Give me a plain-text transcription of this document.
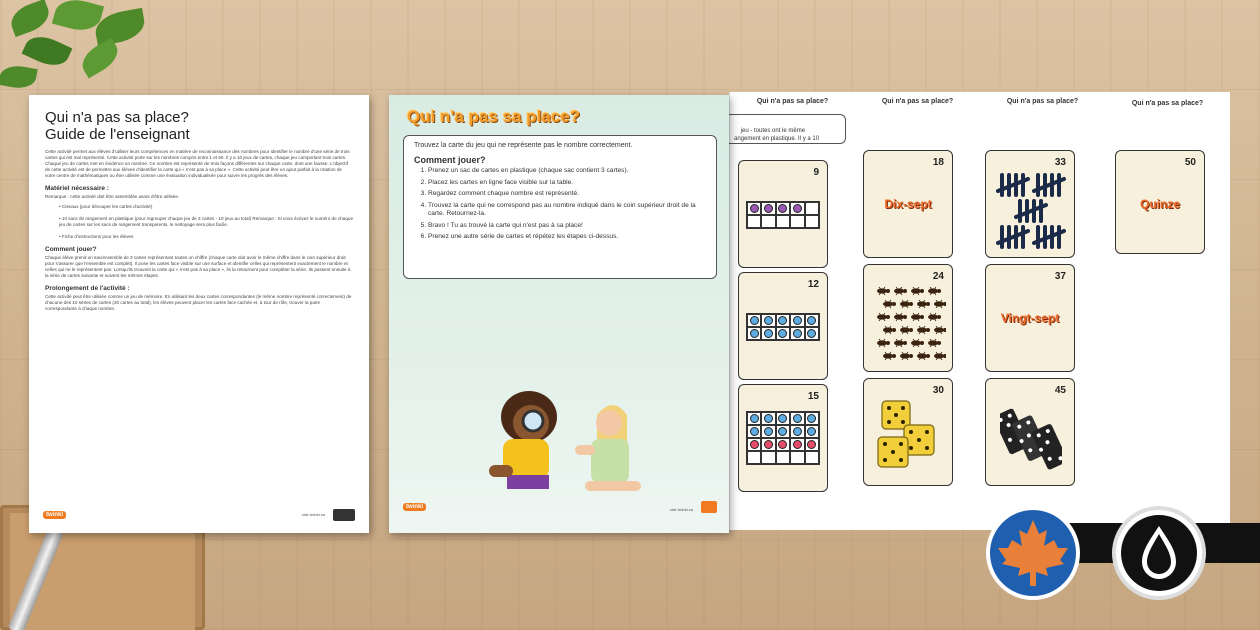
Qui n'a pas sa place?
Guide de l'enseignant
Cette activité permet aux élèves d'utiliser leurs compétences en matière de reconnaissance des nombres pour identifier le nombre d'une série de trois cartes qui est mal représenté. Cette activité porte sur les nombres compris entre 1 et 50. Il y a 10 jeux de cartes, chaque jeu comportant trois cartes. Chaque jeu de cartes met en évidence un nombre. Ce nombre est représenté de trois façons différentes sur chaque carte, dont une fausse. L'objectif de cette activité est de permettre aux élèves d'identifier la carte qui « n'est pas à sa place ». Cette activité peut être un ajout parfait à la rotation de votre centre de mathématiques ou être utilisée comme une évaluation individualisée pour suivre les progrès des élèves.
Matériel nécessaire :
Remarque : cette activité doit être assemblée avant d'être utilisée.
• Ciseaux (pour découper les cartes d'activité)
• 10 sacs de rangement en plastique (pour regrouper chaque jeu de 3 cartes - 10 jeux au total) Remarque : Si vous écrivez le numéro de chaque jeu de cartes sur les sacs de rangement transparents, le nettoyage sera plus facile.
• Fiche d'instructions pour les élèves
Comment jouer?
Chaque élève prend un sac/ensemble de 3 cartes représentant toutes un chiffre (chaque carte doit avoir le même chiffre dans le coin supérieur droit pour s'assurer que l'ensemble est complet). Il pose les cartes face visible sur une surface et identifie celles qui représentent exactement le nombre et celles qui ne le représentent pas. Lorsqu'ils trouvent la carte qui « n'est pas à sa place », ils la retournent pour compléter la série. Ils passent ensuite à la série de cartes suivante et suivent les mêmes étapes.
Prolongement de l'activité :
Cette activité peut être utilisée comme un jeu de mémoire. En utilisant les deux cartes correspondantes (le même nombre représenté correctement) de chacune des 10 séries de cartes (20 cartes au total), les élèves peuvent placer les cartes face cachée et, à tour de rôle, trouver la paire correspondante à chaque nombre.
twinkl	visit twinkl.ca
Qui n'a pas sa place?
50
Quinze
Qui n'a pas sa place?
33
37
Vingt-sept
45
Qui n'a pas sa place?
18
Dix-sept
24
30
Qui n'a pas sa place?

jeu - toutes ont le même
angement en plastique. Il y a 10

9
12
15
Qui n'a pas sa place?
Trouvez la carte du jeu qui ne représente pas le nombre correctement.
Comment jouer?
1. Prenez un sac de cartes en plastique (chaque sac contient 3 cartes).
2. Placez les cartes en ligne face visible sur la table.
3. Regardez comment chaque nombre est représenté.
4. Trouvez la carte qui ne correspond pas au nombre indiqué dans le coin supérieur droit de la carte. Retournez-la.
5. Bravo ! Tu as trouvé la carte qui n'est pas à sa place!
6. Prenez une autre série de cartes et répétez les étapes ci-dessus.
twinkl	visit twinkl.ca
